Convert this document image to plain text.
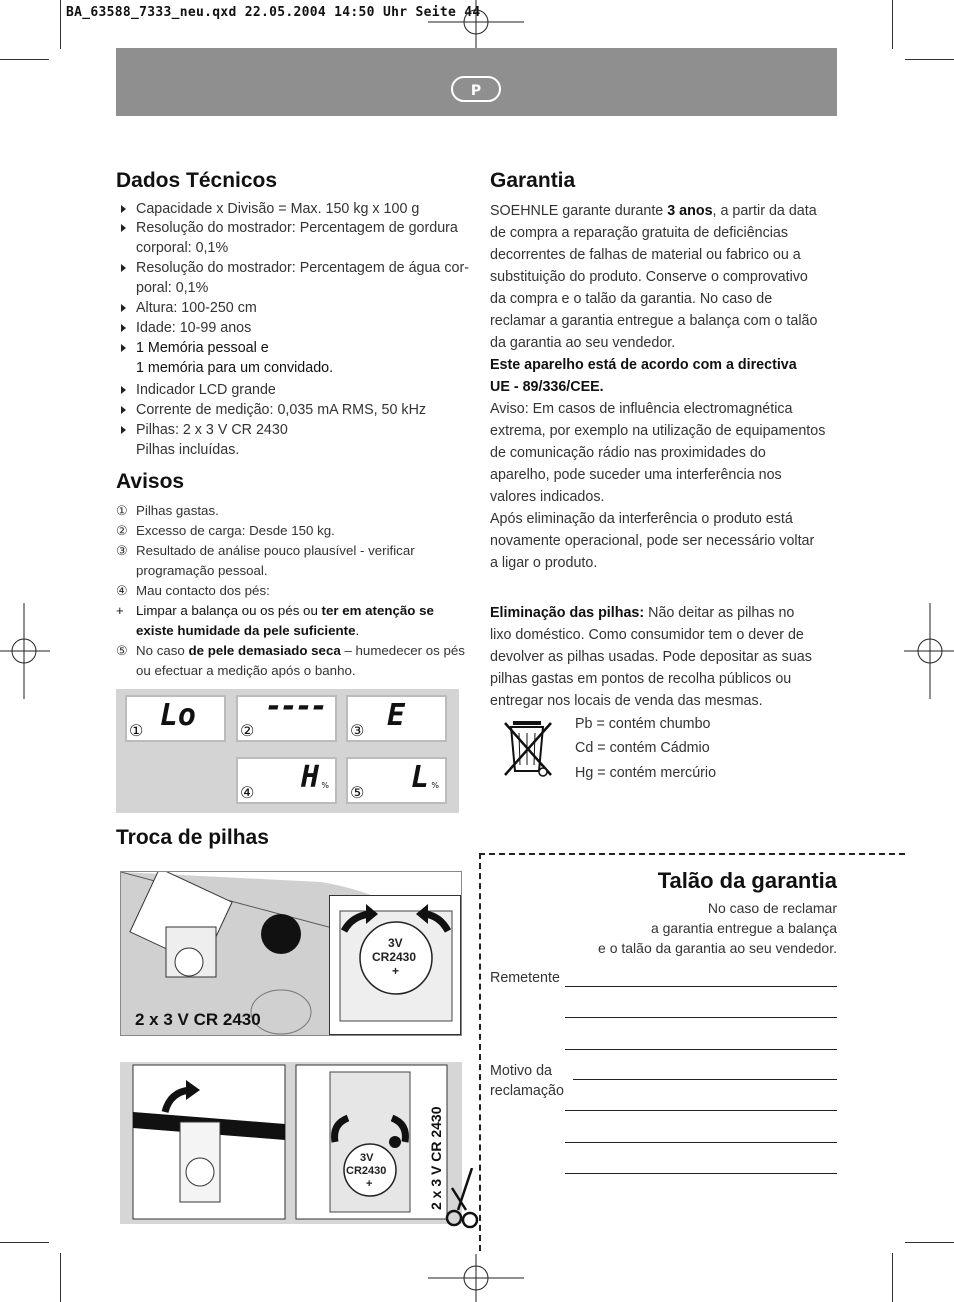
BA_63588_7333_neu.qxd 22.05.2004 14:50 Uhr Seite 44
P
Dados Técnicos
Capacidade x Divisão = Max. 150 kg x 100 g
Resolução do mostrador: Percentagem de gordura
corporal: 0,1%
Resolução do mostrador: Percentagem de água cor-
poral: 0,1%
Altura: 100-250 cm
Idade: 10-99 anos
1 Memória pessoal e
1 memória para um convidado.
Indicador LCD grande
Corrente de medição: 0,035 mA RMS, 50 kHz
Pilhas: 2 x 3 V CR 2430
Pilhas incluídas.
Avisos
① Pilhas gastas.
② Excesso de carga: Desde 150 kg.
③ Resultado de análise pouco plausível - verificar
programação pessoal.
④ Mau contacto dos pés:
+ Limpar a balança ou os pés ou ter em atenção se
existe humidade da pele suficiente.
⑤ No caso de pele demasiado seca – humedecer os pés
ou efectuar a medição após o banho.
① Lo	②
----
③ E
④ H % ⑤ L %
Troca de pilhas
2 x 3 V CR 2430
3V
CR2430
+
3V
CR2430
+	2 x 3 V CR 2430
Garantia
SOEHNLE garante durante 3 anos, a partir da data
de compra a reparação gratuita de deficiências
decorrentes de falhas de material ou fabrico ou a
substituição do produto. Conserve o comprovativo
da compra e o talão da garantia. No caso de
reclamar a garantia entregue a balança com o talão
da garantia ao seu vendedor.
Este aparelho está de acordo com a directiva
UE - 89/336/CEE.
Aviso: Em casos de influência electromagnética
extrema, por exemplo na utilização de equipamentos
de comunicação rádio nas proximidades do
aparelho, pode suceder uma interferência nos
valores indicados.
Após eliminação da interferência o produto está
novamente operacional, pode ser necessário voltar
a ligar o produto.
Eliminação das pilhas: Não deitar as pilhas no
lixo doméstico. Como consumidor tem o dever de
devolver as pilhas usadas. Pode depositar as suas
pilhas gastas em pontos de recolha públicos ou
entregar nos locais de venda das mesmas.
Pb = contém chumbo
Cd = contém Cádmio
Hg = contém mercúrio
Talão da garantia
No caso de reclamar
a garantia entregue a balança
e o talão da garantia ao seu vendedor.
Remetente
Motivo da
reclamação
